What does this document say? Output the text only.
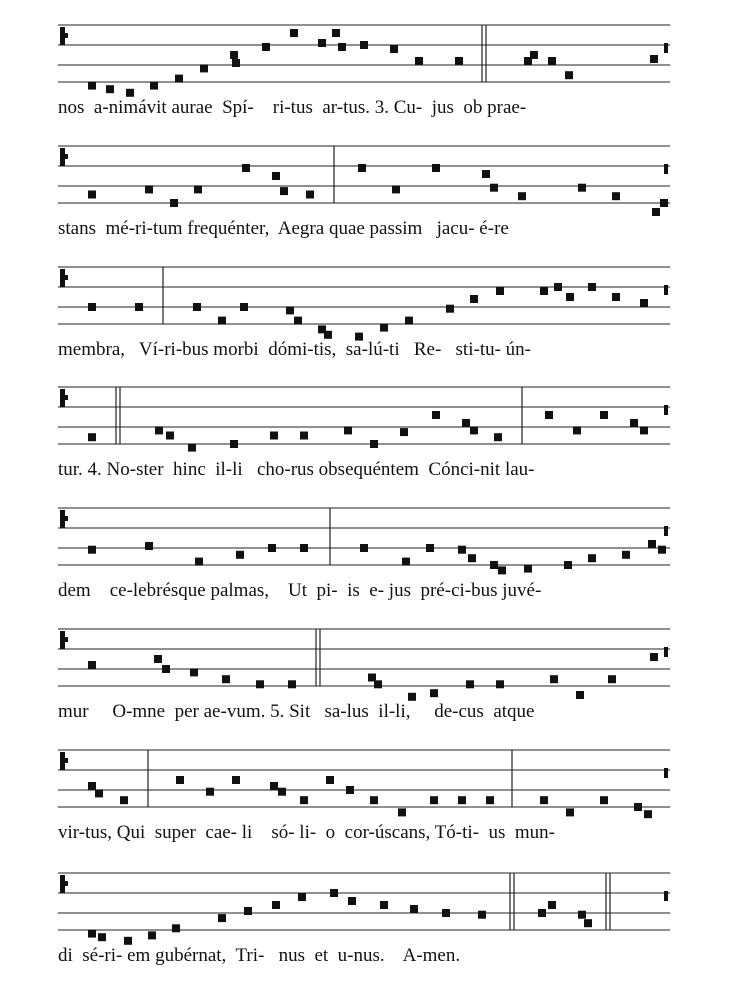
nos  a-nimávit aurae  Spí-    ri-tus  ar-tus. 3. Cu-  jus  ob prae-
stans  mé-ri-tum frequénter,  Aegra quae passim   jacu- é-re
membra,   Ví-ri-bus morbi  dómi-tis,  sa-lú-ti   Re-   sti-tu- ún-
tur. 4. No-ster  hinc  il-li   cho-rus obsequéntem  Cónci-nit lau-
dem    ce-lebrésque palmas,    Ut  pi-  is  e- jus  pré-ci-bus juvé-
mur     O-mne  per ae-vum. 5. Sit   sa-lus  il-li,     de-cus  atque
vir-tus, Qui  super  cae- li    só- li-  o  cor-úscans, Tó-ti-  us  mun-
di  sé-ri- em gubérnat,  Tri-   nus  et  u-nus.    A-men.
